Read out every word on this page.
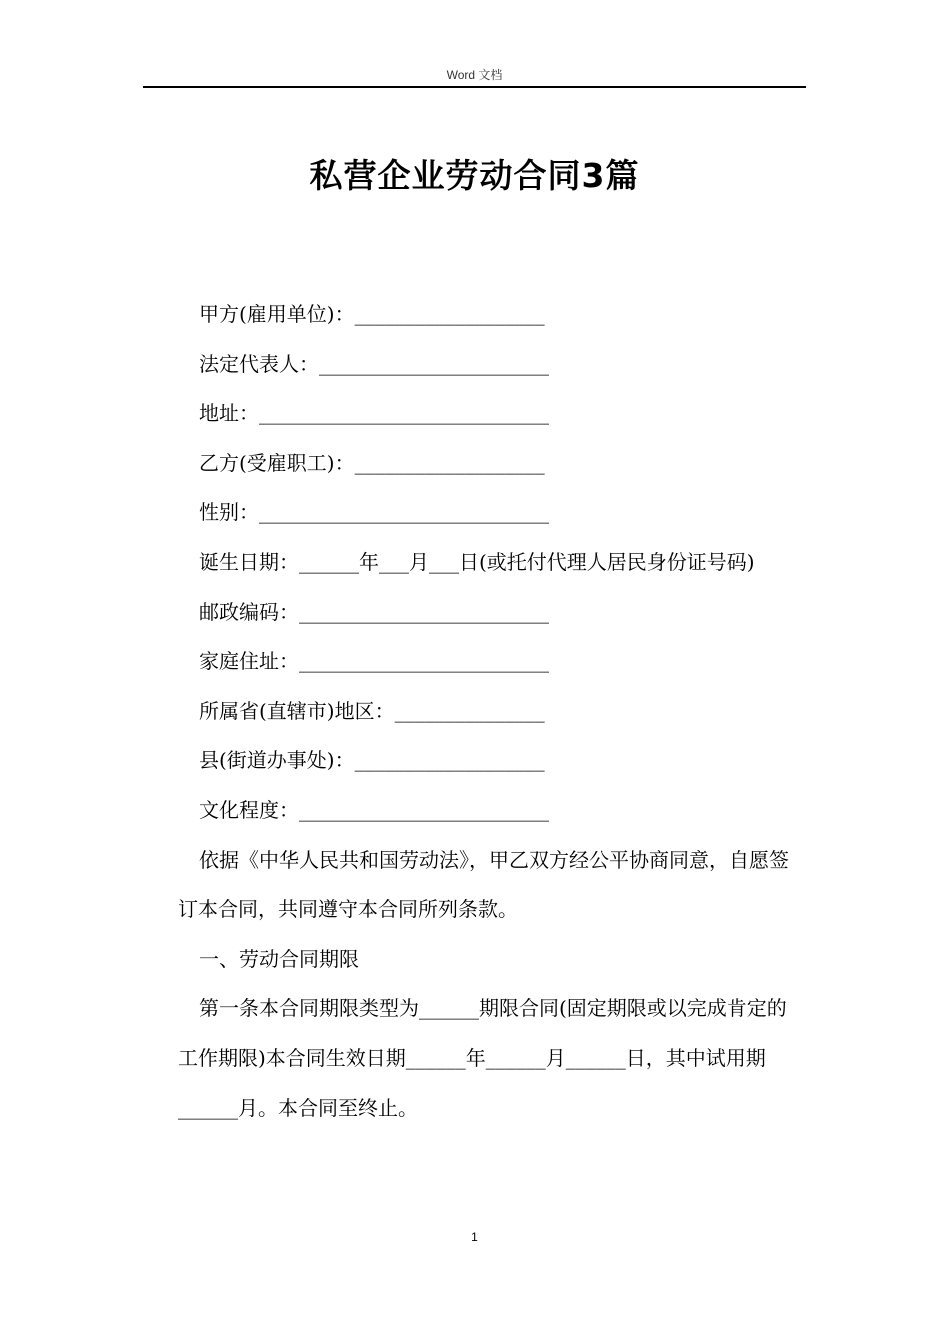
Word 文档
私营企业劳动合同3篇

甲方(雇用单位)：___________________

法定代表人：_______________________

地址：_____________________________

乙方(受雇职工)：___________________

性别：_____________________________

诞生日期：______年___月___日(或托付代理人居民身份证号码)

邮政编码：_________________________

家庭住址：_________________________

所属省(直辖市)地区：_______________

县(街道办事处)：___________________

文化程度：_________________________

依据《中华人民共和国劳动法》，甲乙双方经公平协商同意，自愿签订本合同，共同遵守本合同所列条款。

一、劳动合同期限

第一条本合同期限类型为______期限合同(固定期限或以完成肯定的工作期限)本合同生效日期______年______月______日，其中试用期______月。本合同至终止。

1
